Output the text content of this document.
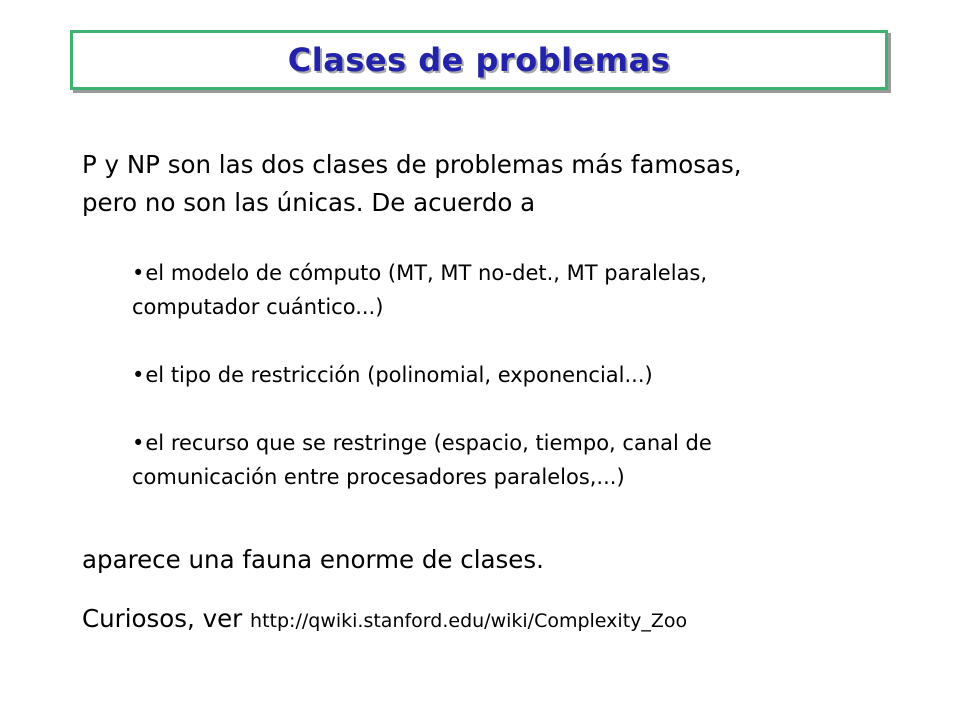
Clases de problemas

P y NP son las dos clases de problemas más famosas,
pero no son las únicas. De acuerdo a

•el modelo de cómputo (MT, MT no-det., MT paralelas,
computador cuántico...)
•el tipo de restricción (polinomial, exponencial...)
•el recurso que se restringe (espacio, tiempo, canal de
comunicación entre procesadores paralelos,...)

aparece una fauna enorme de clases.

Curiosos, ver http://qwiki.stanford.edu/wiki/Complexity_Zoo
